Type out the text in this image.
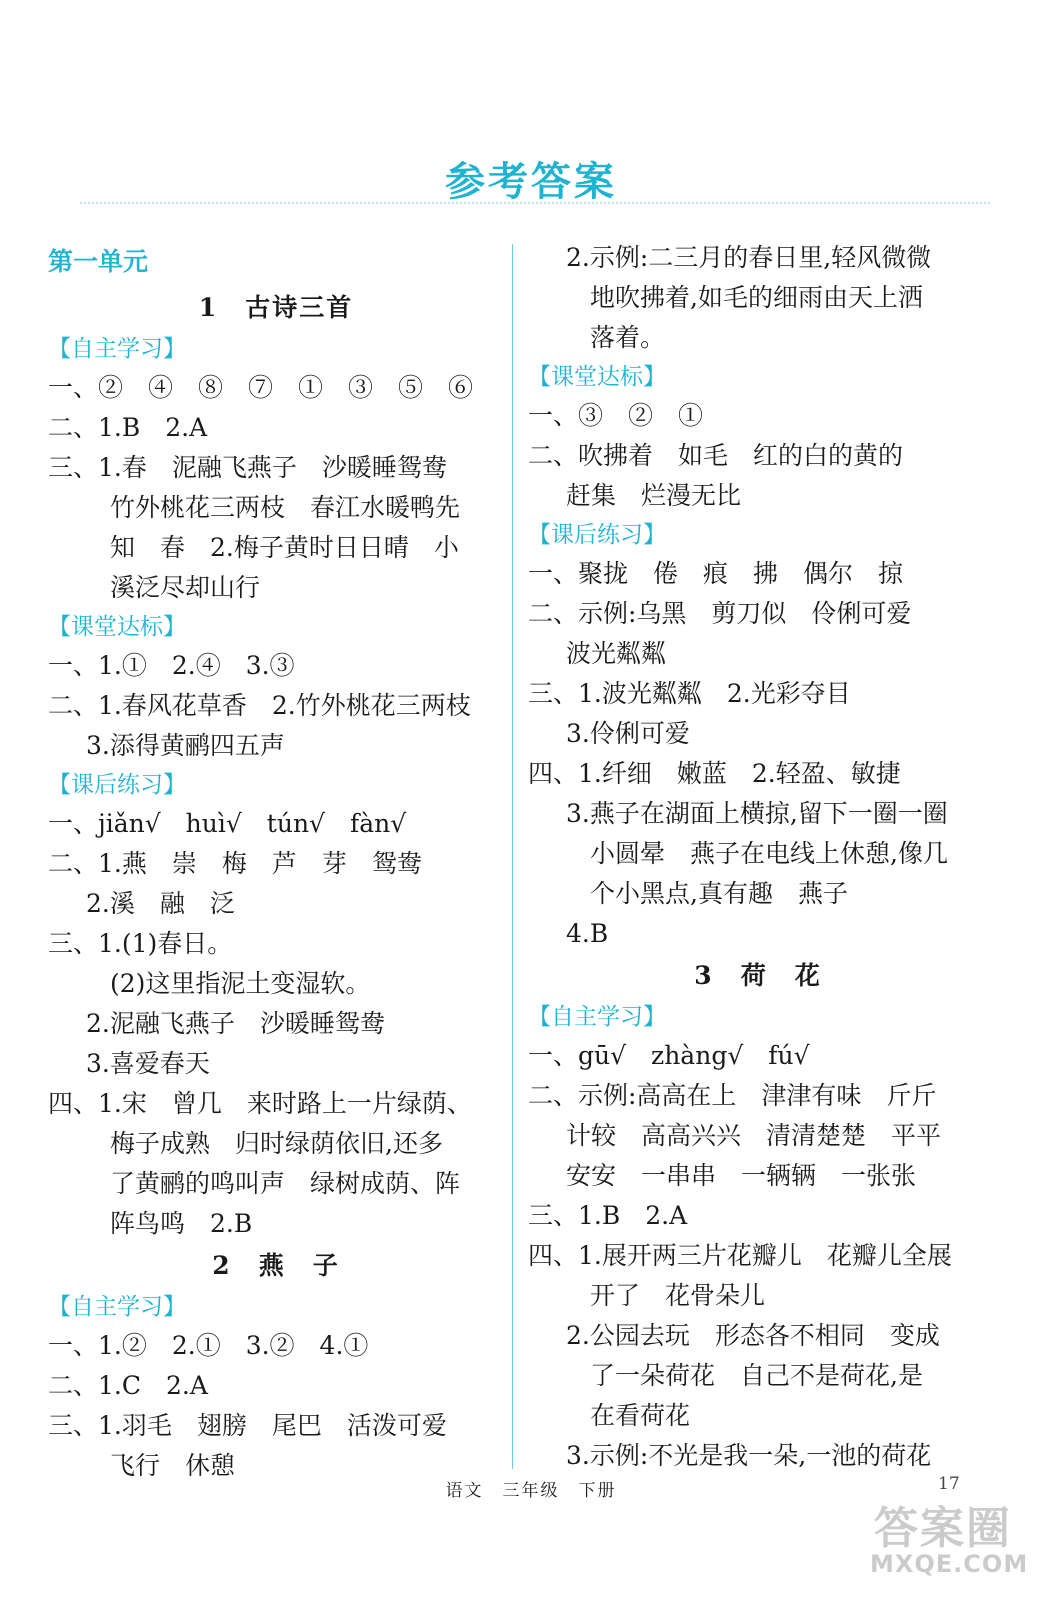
参考答案
第一单元
1　古诗三首
【自主学习】
一、②　④　⑧　⑦　①　③　⑤　⑥
二、1.B　2.A
三、1.春　泥融飞燕子　沙暖睡鸳鸯
竹外桃花三两枝　春江水暖鸭先
知　春　2.梅子黄时日日晴　小
溪泛尽却山行
【课堂达标】
一、1.①　2.④　3.③
二、1.春风花草香　2.竹外桃花三两枝
3.添得黄鹂四五声
【课后练习】
一、jiǎn√　huì√　tún√　fàn√
二、1.燕　崇　梅　芦　芽　鸳鸯
2.溪　融　泛
三、1.(1)春日。
(2)这里指泥土变湿软。
2.泥融飞燕子　沙暖睡鸳鸯
3.喜爱春天
四、1.宋　曾几　来时路上一片绿荫、
梅子成熟　归时绿荫依旧,还多
了黄鹂的鸣叫声　绿树成荫、阵
阵鸟鸣　2.B
2　燕　子
【自主学习】
一、1.②　2.①　3.②　4.①
二、1.C　2.A
三、1.羽毛　翅膀　尾巴　活泼可爱
飞行　休憩
2.示例:二三月的春日里,轻风微微
地吹拂着,如毛的细雨由天上洒
落着。
【课堂达标】
一、③　②　①
二、吹拂着　如毛　红的白的黄的
赶集　烂漫无比
【课后练习】
一、聚拢　倦　痕　拂　偶尔　掠
二、示例:乌黑　剪刀似　伶俐可爱
波光粼粼
三、1.波光粼粼　2.光彩夺目
3.伶俐可爱
四、1.纤细　嫩蓝　2.轻盈、敏捷
3.燕子在湖面上横掠,留下一圈一圈
小圆晕　燕子在电线上休憩,像几
个小黑点,真有趣　燕子
4.B
3　荷　花
【自主学习】
一、gū√　zhàng√　fú√
二、示例:高高在上　津津有味　斤斤
计较　高高兴兴　清清楚楚　平平
安安　一串串　一辆辆　一张张
三、1.B　2.A
四、1.展开两三片花瓣儿　花瓣儿全展
开了　花骨朵儿
2.公园去玩　形态各不相同　变成
了一朵荷花　自己不是荷花,是
在看荷花
3.示例:不光是我一朵,一池的荷花
语文　三年级　下册	17
答案圈
MXQE.COM
